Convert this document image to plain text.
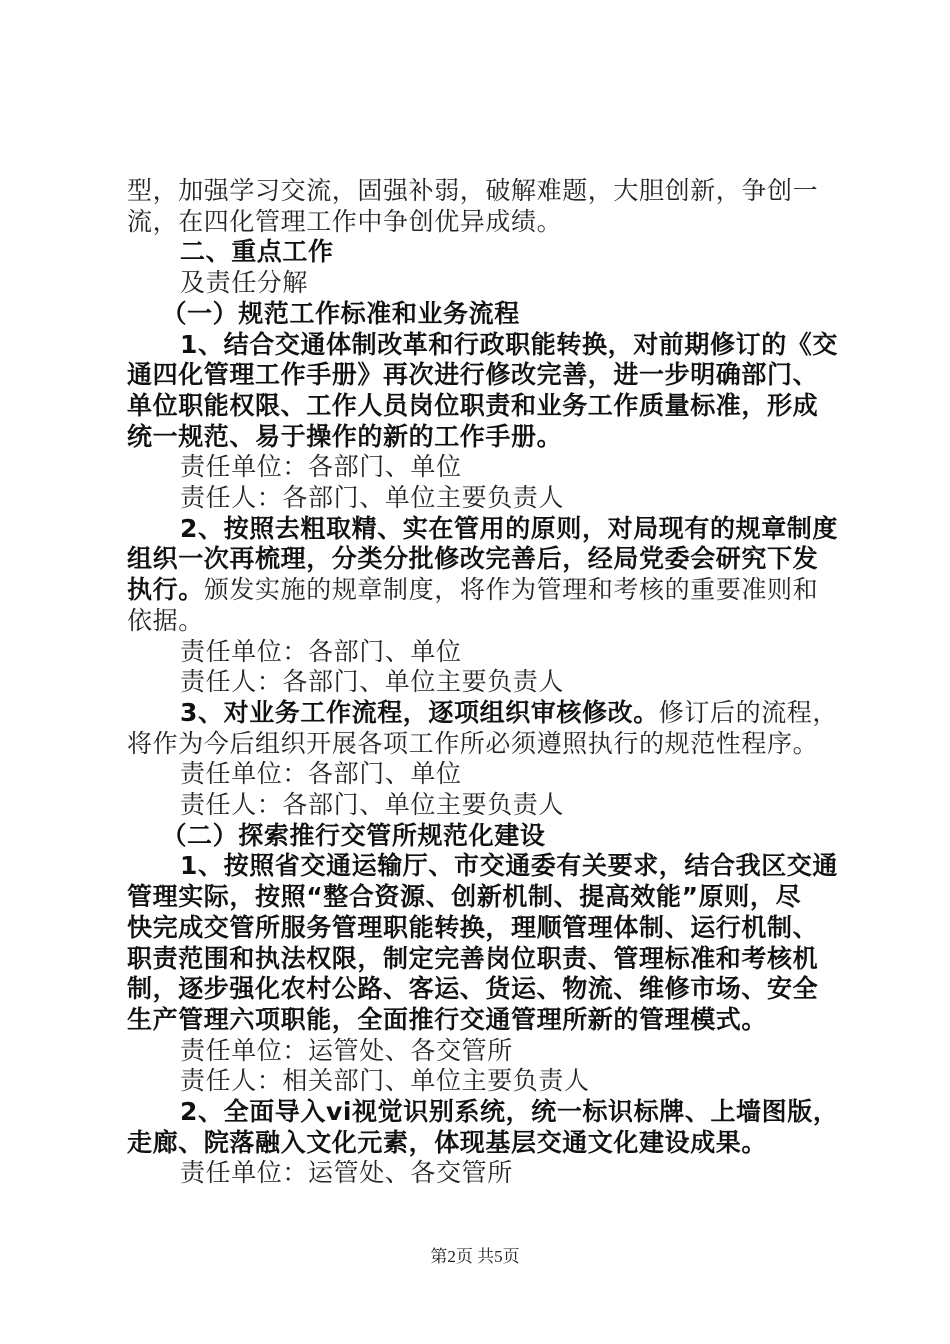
型，加强学习交流，固强补弱，破解难题，大胆创新，争创一
流，在四化管理工作中争创优异成绩。
二、重点工作
及责任分解
（一）规范工作标准和业务流程
1、结合交通体制改革和行政职能转换，对前期修订的《交
通四化管理工作手册》再次进行修改完善，进一步明确部门、
单位职能权限、工作人员岗位职责和业务工作质量标准，形成
统一规范、易于操作的新的工作手册。
责任单位：各部门、单位
责任人：各部门、单位主要负责人
2、按照去粗取精、实在管用的原则，对局现有的规章制度
组织一次再梳理，分类分批修改完善后，经局党委会研究下发
执行。颁发实施的规章制度，将作为管理和考核的重要准则和
依据。
责任单位：各部门、单位
责任人：各部门、单位主要负责人
3、对业务工作流程，逐项组织审核修改。修订后的流程，
将作为今后组织开展各项工作所必须遵照执行的规范性程序。
责任单位：各部门、单位
责任人：各部门、单位主要负责人
（二）探索推行交管所规范化建设
1、按照省交通运输厅、市交通委有关要求，结合我区交通
管理实际，按照“整合资源、创新机制、提高效能”原则，尽
快完成交管所服务管理职能转换，理顺管理体制、运行机制、
职责范围和执法权限，制定完善岗位职责、管理标准和考核机
制，逐步强化农村公路、客运、货运、物流、维修市场、安全
生产管理六项职能，全面推行交通管理所新的管理模式。
责任单位：运管处、各交管所
责任人：相关部门、单位主要负责人
2、全面导入vi视觉识别系统，统一标识标牌、上墙图版，
走廊、院落融入文化元素，体现基层交通文化建设成果。
责任单位：运管处、各交管所
第2页 共5页
